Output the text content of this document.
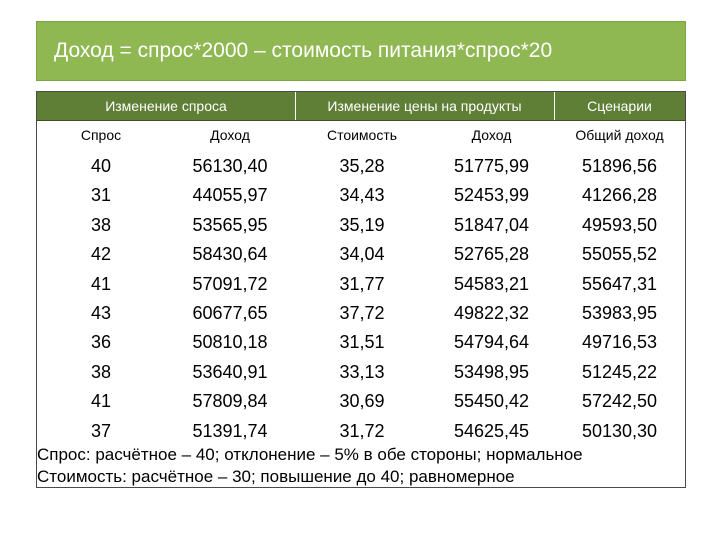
Доход = спрос*2000 – стоимость питания*спрос*20
Изменение спроса	Изменение цены на продукты	Сценарии
Спрос	Доход	Стоимость	Доход	Общий доход
40	56130,40	35,28	51775,99	51896,56
31	44055,97	34,43	52453,99	41266,28
38	53565,95	35,19	51847,04	49593,50
42	58430,64	34,04	52765,28	55055,52
41	57091,72	31,77	54583,21	55647,31
43	60677,65	37,72	49822,32	53983,95
36	50810,18	31,51	54794,64	49716,53
38	53640,91	33,13	53498,95	51245,22
41	57809,84	30,69	55450,42	57242,50
37	51391,74	31,72	54625,45	50130,30
Спрос: расчётное – 40; отклонение – 5% в обе стороны; нормальное
Стоимость: расчётное – 30; повышение до 40; равномерное
